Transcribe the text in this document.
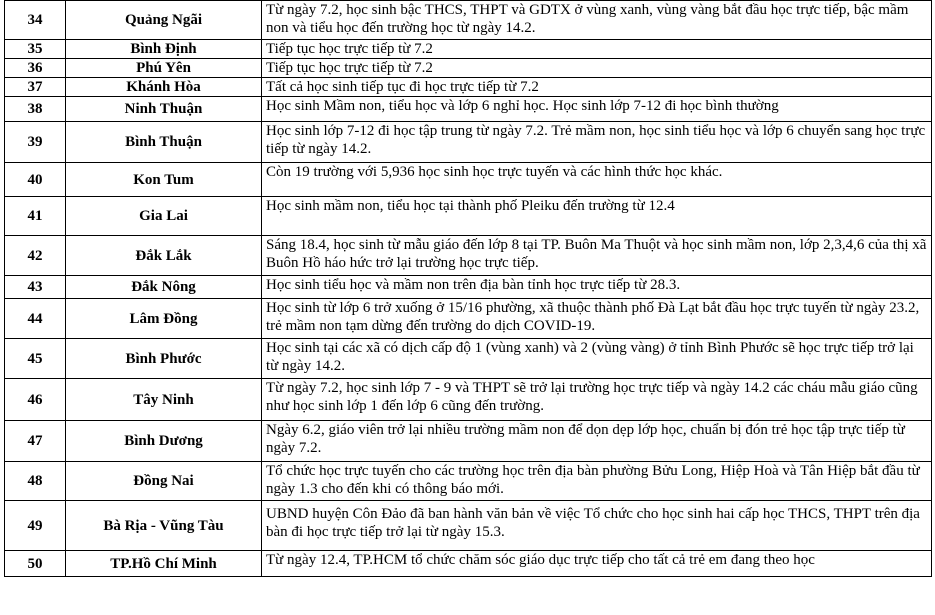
34	Quảng Ngãi	Từ ngày 7.2, học sinh bậc THCS, THPT và GDTX ở vùng xanh, vùng vàng bắt đầu học trực tiếp, bậc mầm non và tiểu học đến trường học từ ngày 14.2.
35	Bình Định	Tiếp tục học trực tiếp từ 7.2
36	Phú Yên	Tiếp tục học trực tiếp từ 7.2
37	Khánh Hòa	Tất cả học sinh tiếp tục đi học trực tiếp từ 7.2
38	Ninh Thuận	Học sinh Mầm non, tiểu học và lớp 6 nghỉ học. Học sinh lớp 7-12 đi học bình thường
39	Bình Thuận	Học sinh lớp 7-12 đi học tập trung từ ngày 7.2. Trẻ mầm non, học sinh tiểu học và lớp 6 chuyển sang học trực tiếp từ ngày 14.2.
40	Kon Tum	Còn 19 trường với 5,936 học sinh học trực tuyến và các hình thức học khác.
41	Gia Lai	Học sinh mầm non, tiểu học tại thành phố Pleiku đến trường từ 12.4
42	Đắk Lắk	Sáng 18.4, học sinh từ mẫu giáo đến lớp 8 tại TP. Buôn Ma Thuột và học sinh mầm non, lớp 2,3,4,6 của thị xã Buôn Hồ háo hức trở lại trường học trực tiếp.
43	Đắk Nông	Học sinh tiểu học và mầm non trên địa bàn tỉnh học trực tiếp từ 28.3.
44	Lâm Đồng	Học sinh từ lớp 6 trở xuống ở 15/16 phường, xã thuộc thành phố Đà Lạt bắt đầu học trực tuyến từ ngày 23.2, trẻ mầm non tạm dừng đến trường do dịch COVID-19.
45	Bình Phước	Học sinh tại các xã có dịch cấp độ 1 (vùng xanh) và 2 (vùng vàng) ở tỉnh Bình Phước sẽ học trực tiếp trở lại từ ngày 14.2.
46	Tây Ninh	Từ ngày 7.2, học sinh lớp 7 - 9 và THPT sẽ trở lại trường học trực tiếp và ngày 14.2 các cháu mẫu giáo cũng như học sinh lớp 1 đến lớp 6 cũng đến trường.
47	Bình Dương	Ngày 6.2, giáo viên trở lại nhiều trường mầm non để dọn dẹp lớp học, chuẩn bị đón trẻ học tập trực tiếp từ ngày 7.2.
48	Đồng Nai	Tổ chức học trực tuyến cho các trường học trên địa bàn phường Bửu Long, Hiệp Hoà và Tân Hiệp bắt đầu từ ngày 1.3 cho đến khi có thông báo mới.
49	Bà Rịa - Vũng Tàu	UBND huyện Côn Đảo đã ban hành văn bản về việc Tổ chức cho học sinh hai cấp học THCS, THPT trên địa bàn đi học trực tiếp trở lại từ ngày 15.3.
50	TP.Hồ Chí Minh	Từ ngày 12.4, TP.HCM tổ chức chăm sóc giáo dục trực tiếp cho tất cả trẻ em đang theo học
